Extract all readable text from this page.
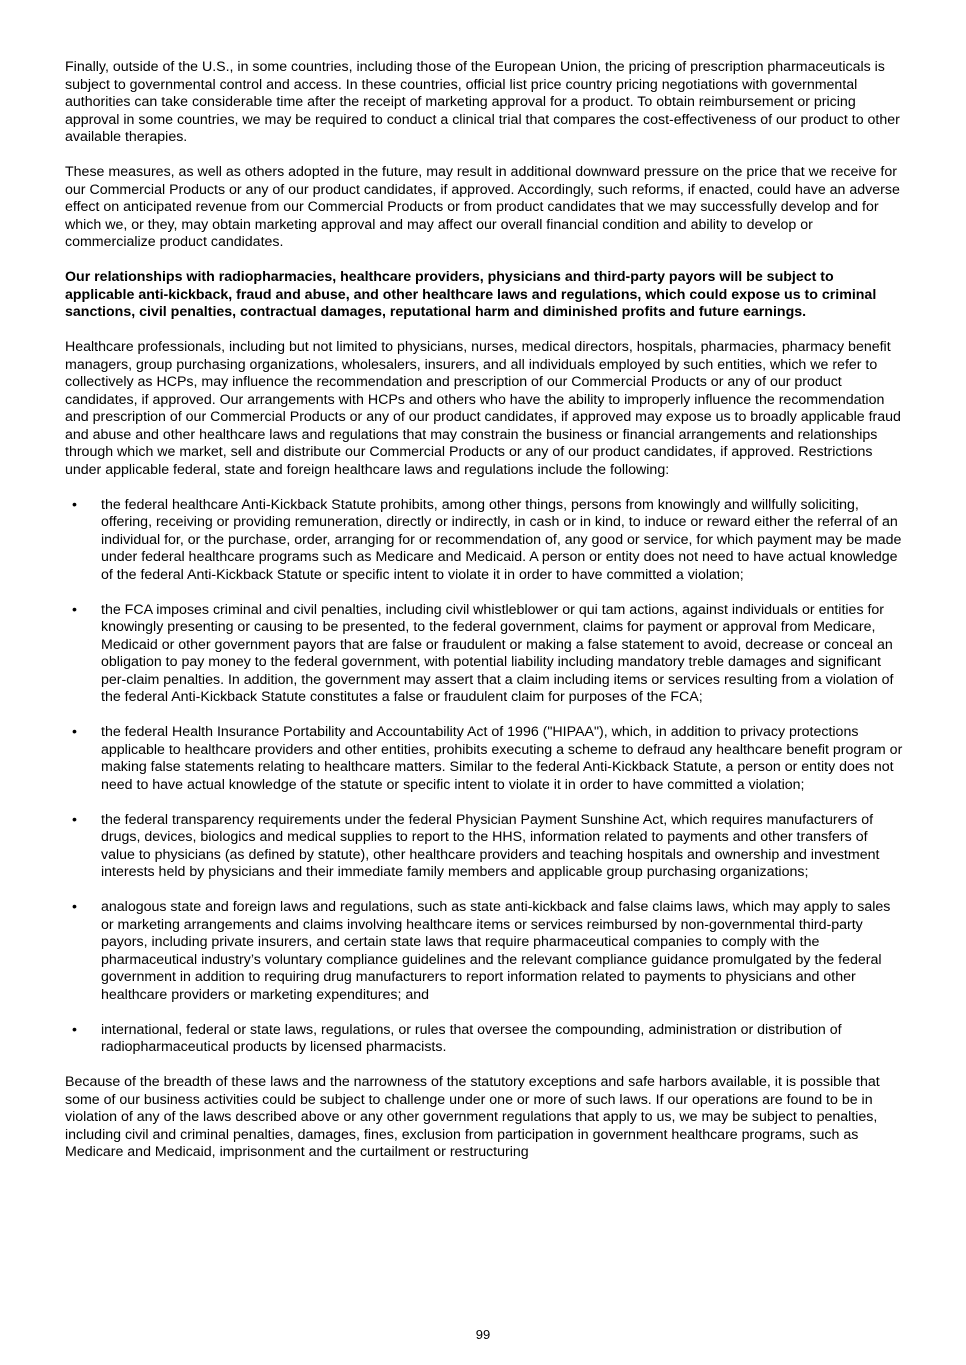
Finally, outside of the U.S., in some countries, including those of the European Union, the pricing of prescription pharmaceuticals is subject to governmental control and access. In these countries, official list price country pricing negotiations with governmental authorities can take considerable time after the receipt of marketing approval for a product. To obtain reimbursement or pricing approval in some countries, we may be required to conduct a clinical trial that compares the cost-effectiveness of our product to other available therapies.

These measures, as well as others adopted in the future, may result in additional downward pressure on the price that we receive for our Commercial Products or any of our product candidates, if approved. Accordingly, such reforms, if enacted, could have an adverse effect on anticipated revenue from our Commercial Products or from product candidates that we may successfully develop and for which we, or they, may obtain marketing approval and may affect our overall financial condition and ability to develop or commercialize product candidates.

Our relationships with radiopharmacies, healthcare providers, physicians and third-party payors will be subject to applicable anti-kickback, fraud and abuse, and other healthcare laws and regulations, which could expose us to criminal sanctions, civil penalties, contractual damages, reputational harm and diminished profits and future earnings.

Healthcare professionals, including but not limited to physicians, nurses, medical directors, hospitals, pharmacies, pharmacy benefit managers, group purchasing organizations, wholesalers, insurers, and all individuals employed by such entities, which we refer to collectively as HCPs, may influence the recommendation and prescription of our Commercial Products or any of our product candidates, if approved. Our arrangements with HCPs and others who have the ability to improperly influence the recommendation and prescription of our Commercial Products or any of our product candidates, if approved may expose us to broadly applicable fraud and abuse and other healthcare laws and regulations that may constrain the business or financial arrangements and relationships through which we market, sell and distribute our Commercial Products or any of our product candidates, if approved. Restrictions under applicable federal, state and foreign healthcare laws and regulations include the following:

• the federal healthcare Anti-Kickback Statute prohibits, among other things, persons from knowingly and willfully soliciting, offering, receiving or providing remuneration, directly or indirectly, in cash or in kind, to induce or reward either the referral of an individual for, or the purchase, order, arranging for or recommendation of, any good or service, for which payment may be made under federal healthcare programs such as Medicare and Medicaid. A person or entity does not need to have actual knowledge of the federal Anti-Kickback Statute or specific intent to violate it in order to have committed a violation;
• the FCA imposes criminal and civil penalties, including civil whistleblower or qui tam actions, against individuals or entities for knowingly presenting or causing to be presented, to the federal government, claims for payment or approval from Medicare, Medicaid or other government payors that are false or fraudulent or making a false statement to avoid, decrease or conceal an obligation to pay money to the federal government, with potential liability including mandatory treble damages and significant per-claim penalties. In addition, the government may assert that a claim including items or services resulting from a violation of the federal Anti-Kickback Statute constitutes a false or fraudulent claim for purposes of the FCA;
• the federal Health Insurance Portability and Accountability Act of 1996 ("HIPAA"), which, in addition to privacy protections applicable to healthcare providers and other entities, prohibits executing a scheme to defraud any healthcare benefit program or making false statements relating to healthcare matters. Similar to the federal Anti-Kickback Statute, a person or entity does not need to have actual knowledge of the statute or specific intent to violate it in order to have committed a violation;
• the federal transparency requirements under the federal Physician Payment Sunshine Act, which requires manufacturers of drugs, devices, biologics and medical supplies to report to the HHS, information related to payments and other transfers of value to physicians (as defined by statute), other healthcare providers and teaching hospitals and ownership and investment interests held by physicians and their immediate family members and applicable group purchasing organizations;
• analogous state and foreign laws and regulations, such as state anti-kickback and false claims laws, which may apply to sales or marketing arrangements and claims involving healthcare items or services reimbursed by non-governmental third-party payors, including private insurers, and certain state laws that require pharmaceutical companies to comply with the pharmaceutical industry’s voluntary compliance guidelines and the relevant compliance guidance promulgated by the federal government in addition to requiring drug manufacturers to report information related to payments to physicians and other healthcare providers or marketing expenditures; and
• international, federal or state laws, regulations, or rules that oversee the compounding, administration or distribution of radiopharmaceutical products by licensed pharmacists.

Because of the breadth of these laws and the narrowness of the statutory exceptions and safe harbors available, it is possible that some of our business activities could be subject to challenge under one or more of such laws. If our operations are found to be in violation of any of the laws described above or any other government regulations that apply to us, we may be subject to penalties, including civil and criminal penalties, damages, fines, exclusion from participation in government healthcare programs, such as Medicare and Medicaid, imprisonment and the curtailment or restructuring

99
